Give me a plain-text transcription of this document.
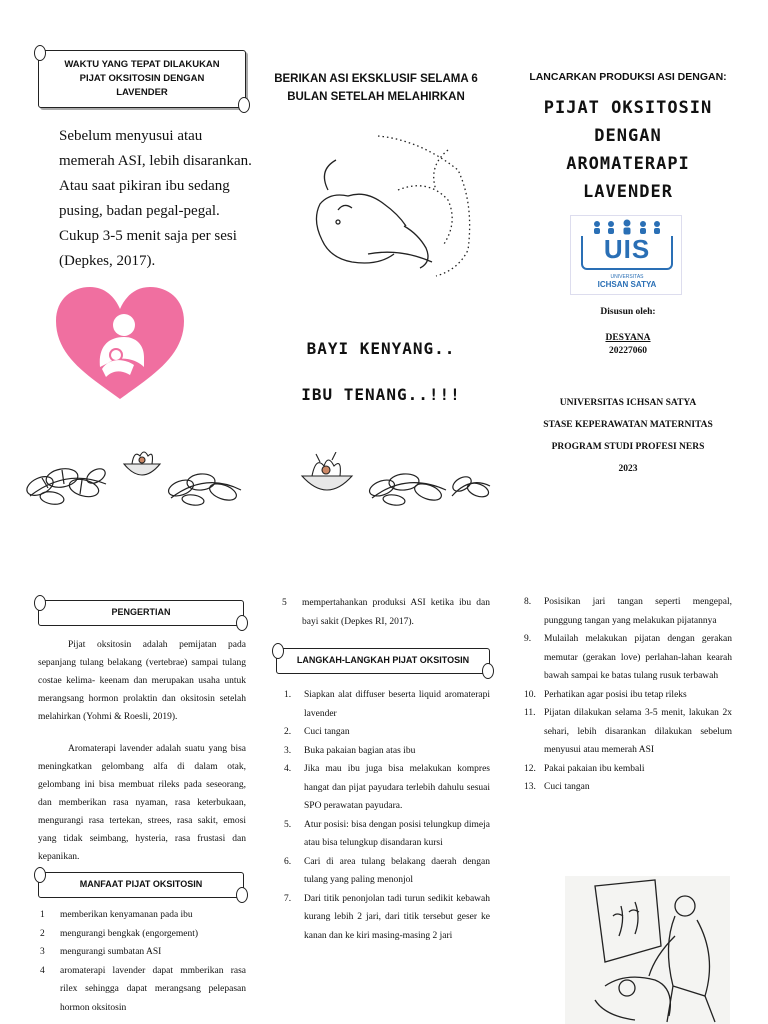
WAKTU YANG TEPAT DILAKUKAN PIJAT OKSITOSIN DENGAN LAVENDER
Sebelum menyusui atau
memerah ASI, lebih disarankan.
Atau saat pikiran ibu sedang
pusing, badan pegal-pegal.
Cukup 3-5 menit saja per sesi
(Depkes, 2017).
BERIKAN ASI EKSKLUSIF SELAMA 6
BULAN SETELAH MELAHIRKAN
BAYI KENYANG..
IBU TENANG..!!!
LANCARKAN PRODUKSI ASI DENGAN:
PIJAT OKSITOSIN
DENGAN
AROMATERAPI
LAVENDER
UIS
UNIVERSITAS
ICHSAN SATYA
Disusun oleh:
DESYANA
20227060
UNIVERSITAS ICHSAN SATYA
STASE KEPERAWATAN MATERNITAS
PROGRAM STUDI PROFESI NERS
2023
PENGERTIAN
Pijat oksitosin adalah pemijatan pada sepanjang tulang belakang (vertebrae) sampai tulang costae kelima- keenam dan merupakan usaha untuk merangsang hormon prolaktin dan oksitosin setelah melahirkan (Yohmi & Roesli, 2019).
Aromaterapi lavender adalah suatu yang bisa meningkatkan gelombang alfa di dalam otak, gelombang ini bisa membuat rileks pada seseorang, dan memberikan rasa nyaman, rasa keterbukaan, mengurangi rasa tertekan, strees, rasa sakit, emosi yang tidak seimbang, hysteria, rasa frustasi dan kepanikan.
MANFAAT PIJAT OKSITOSIN
1 memberikan kenyamanan pada ibu
2 mengurangi bengkak (engorgement)
3 mengurangi sumbatan ASI
4 aromaterapi lavender dapat mmberikan rasa rilex sehingga dapat merangsang pelepasan hormon oksitosin
5 mempertahankan produksi ASI ketika ibu dan bayi sakit (Depkes RI, 2017).
LANGKAH-LANGKAH PIJAT OKSITOSIN
1. Siapkan alat diffuser beserta liquid aromaterapi lavender
2. Cuci tangan
3. Buka pakaian bagian atas ibu
4. Jika mau ibu juga bisa melakukan kompres hangat dan pijat payudara terlebih dahulu sesuai SPO perawatan payudara.
5. Atur posisi: bisa dengan posisi telungkup dimeja atau bisa telungkup disandaran kursi
6. Cari di area tulang belakang daerah dengan tulang yang paling menonjol
7. Dari titik penonjolan tadi turun sedikit kebawah kurang lebih 2 jari, dari titik tersebut geser ke kanan dan ke kiri masing-masing 2 jari
8. Posisikan jari tangan seperti mengepal, punggung tangan yang melakukan pijatannya
9. Mulailah melakukan pijatan dengan gerakan memutar (gerakan love) perlahan-lahan kearah bawah sampai ke batas tulang rusuk terbawah
10. Perhatikan agar posisi ibu tetap rileks
11. Pijatan dilakukan selama 3-5 menit, lakukan 2x sehari, lebih disarankan dilakukan sebelum menyusui atau memerah ASI
12. Pakai pakaian ibu kembali
13. Cuci tangan
